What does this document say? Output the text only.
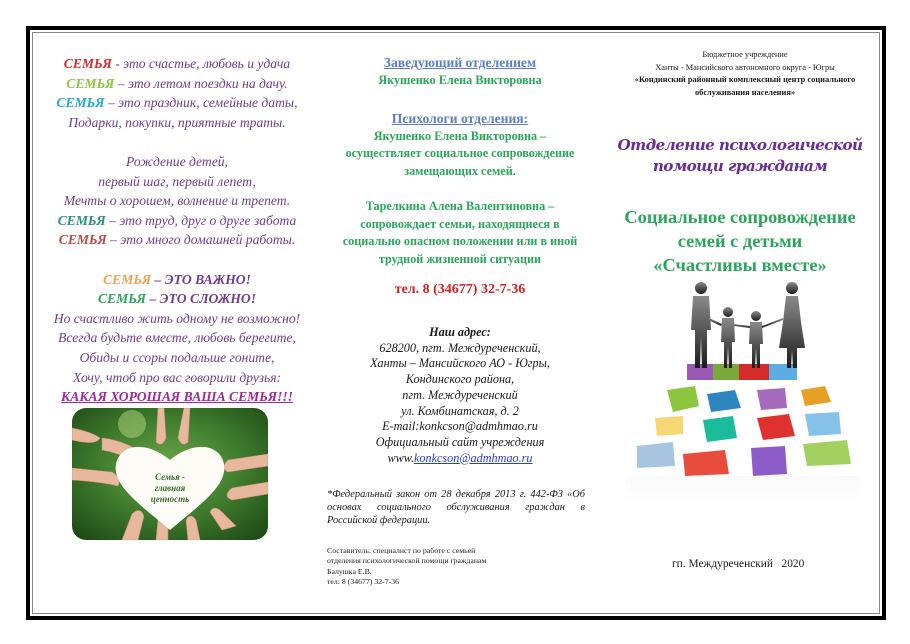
СЕМЬЯ - это счастье, любовь и удача
СЕМЬЯ – это летом поездки на дачу.
СЕМЬЯ – это праздник, семейные даты,
Подарки, покупки, приятные траты.
Рождение детей,
первый шаг, первый лепет,
Мечты о хорошем, волнение и трепет.
СЕМЬЯ – это труд, друг о друге забота
СЕМЬЯ – это много домашней работы.
СЕМЬЯ – ЭТО ВАЖНО!
СЕМЬЯ – ЭТО СЛОЖНО!
Но счастливо жить одному не возможно!
Всегда будьте вместе, любовь берегите,
Обиды и ссоры подальше гоните,
Хочу, чтоб про вас говорили друзья:
КАКАЯ ХОРОШАЯ ВАША СЕМЬЯ!!!
Семья -
главная
ценность
Заведующий отделением
Якушенко Елена Викторовна
Психологи отделения:
Якушенко Елена Викторовна –
осуществляет социальное сопровождение
замещающих семей.
Тарелкина Алена Валентиновна –
сопровождает семьи, находящиеся в
социально опасном положении или в иной
трудной жизненной ситуации
тел. 8 (34677) 32-7-36
Наш адрес:
628200, пгт. Междуреченский,
Ханты – Мансийского АО - Югры,
Кондинского района,
пгт. Междуреченский
ул. Комбинатская, д. 2
E-mail:konkcson@admhmao.ru
Официальный сайт учреждения
www.konkcson@admhmao.ru
*Федеральный закон от 28 декабря 2013 г. 442-ФЗ «Об основах социального обслуживания граждан в Российской федерации.
Составитель: специалист по работе с семьей
отделения психологической помощи гражданам
Балушка Е.В.
тел: 8 (34677) 32-7-36
Бюджетное учреждение
Ханты - Мансийского автономного округа - Югры
«Кондинский районный комплексный центр социального
обслуживания населения»
Отделение психологической
помощи гражданам
Социальное сопровождение
семей с детьми
«Счастливы вместе»
гп. Междуреченский   2020
